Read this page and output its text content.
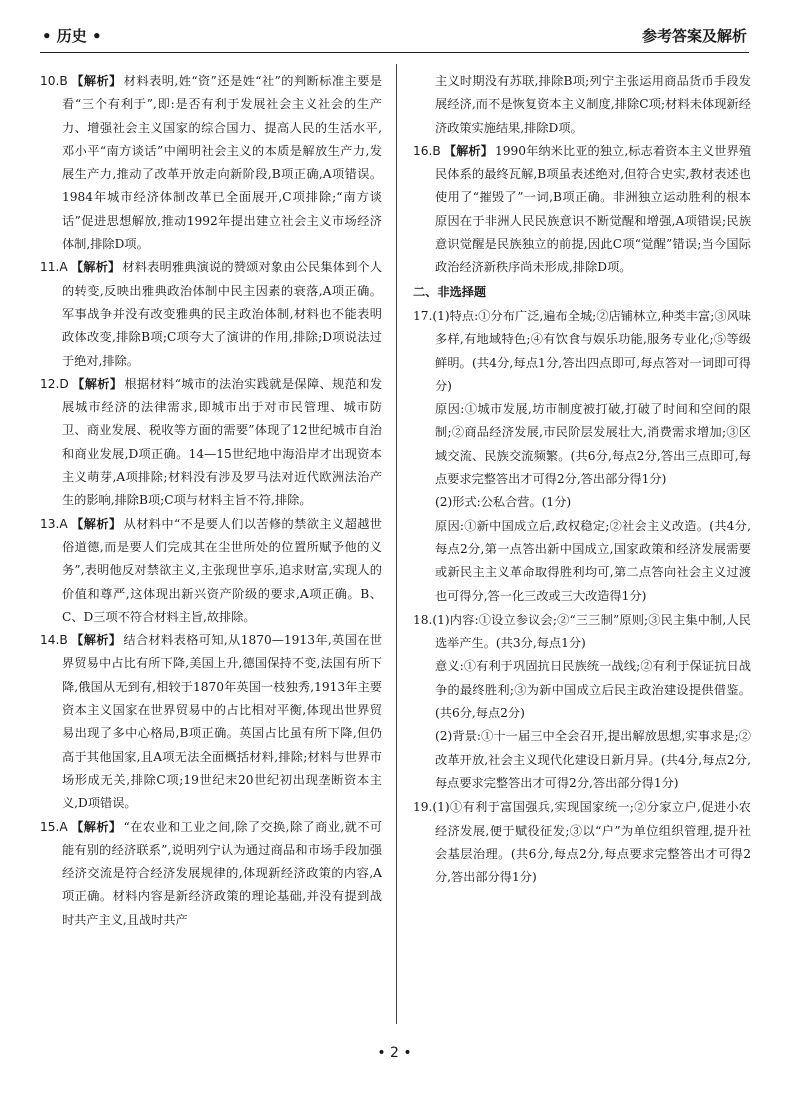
• 历史 •	参考答案及解析
10.B 【解析】 材料表明,姓“资”还是姓“社”的判断标准主要是看“三个有利于”,即:是否有利于发展社会主义社会的生产力、增强社会主义国家的综合国力、提高人民的生活水平,邓小平“南方谈话”中阐明社会主义的本质是解放生产力,发展生产力,推动了改革开放走向新阶段,B项正确,A项错误。1984年城市经济体制改革已全面展开,C项排除;“南方谈话”促进思想解放,推动1992年提出建立社会主义市场经济体制,排除D项。
11.A 【解析】 材料表明雅典演说的赞颂对象由公民集体到个人的转变,反映出雅典政治体制中民主因素的衰落,A项正确。军事战争并没有改变雅典的民主政治体制,材料也不能表明政体改变,排除B项;C项夸大了演讲的作用,排除;D项说法过于绝对,排除。
12.D 【解析】 根据材料“城市的法治实践就是保障、规范和发展城市经济的法律需求,即城市出于对市民管理、城市防卫、商业发展、税收等方面的需要”体现了12世纪城市自治和商业发展,D项正确。14—15世纪地中海沿岸才出现资本主义萌芽,A项排除;材料没有涉及罗马法对近代欧洲法治产生的影响,排除B项;C项与材料主旨不符,排除。
13.A 【解析】 从材料中“不是要人们以苦修的禁欲主义超越世俗道德,而是要人们完成其在尘世所处的位置所赋予他的义务”,表明他反对禁欲主义,主张现世享乐,追求财富,实现人的价值和尊严,这体现出新兴资产阶级的要求,A项正确。B、C、D三项不符合材料主旨,故排除。
14.B 【解析】 结合材料表格可知,从1870—1913年,英国在世界贸易中占比有所下降,美国上升,德国保持不变,法国有所下降,俄国从无到有,相较于1870年英国一枝独秀,1913年主要资本主义国家在世界贸易中的占比相对平衡,体现出世界贸易出现了多中心格局,B项正确。英国占比虽有所下降,但仍高于其他国家,且A项无法全面概括材料,排除;材料与世界市场形成无关,排除C项;19世纪末20世纪初出现垄断资本主义,D项错误。
15.A 【解析】 “在农业和工业之间,除了交换,除了商业,就不可能有别的经济联系”,说明列宁认为通过商品和市场手段加强经济交流是符合经济发展规律的,体现新经济政策的内容,A项正确。材料内容是新经济政策的理论基础,并没有提到战时共产主义,且战时共产

主义时期没有苏联,排除B项;列宁主张运用商品货币手段发展经济,而不是恢复资本主义制度,排除C项;材料未体现新经济政策实施结果,排除D项。

16.B 【解析】 1990年纳米比亚的独立,标志着资本主义世界殖民体系的最终瓦解,B项虽表述绝对,但符合史实,教材表述也使用了“摧毁了”一词,B项正确。非洲独立运动胜利的根本原因在于非洲人民民族意识不断觉醒和增强,A项错误;民族意识觉醒是民族独立的前提,因此C项“觉醒”错误;当今国际政治经济新秩序尚未形成,排除D项。
二、非选择题

17.(1)特点:①分布广泛,遍布全城;②店铺林立,种类丰富;③风味多样,有地域特色;④有饮食与娱乐功能,服务专业化;⑤等级鲜明。(共4分,每点1分,答出四点即可,每点答对一词即可得分)

原因:①城市发展,坊市制度被打破,打破了时间和空间的限制;②商品经济发展,市民阶层发展壮大,消费需求增加;③区域交流、民族交流频繁。(共6分,每点2分,答出三点即可,每点要求完整答出才可得2分,答出部分得1分)

(2)形式:公私合营。(1分)

原因:①新中国成立后,政权稳定;②社会主义改造。(共4分,每点2分,第一点答出新中国成立,国家政策和经济发展需要或新民主主义革命取得胜利均可,第二点答向社会主义过渡也可得分,答一化三改或三大改造得1分)

18.(1)内容:①设立参议会;②“三三制”原则;③民主集中制,人民选举产生。(共3分,每点1分)

意义:①有利于巩固抗日民族统一战线;②有利于保证抗日战争的最终胜利;③为新中国成立后民主政治建设提供借鉴。(共6分,每点2分)

(2)背景:①十一届三中全会召开,提出解放思想,实事求是;②改革开放,社会主义现代化建设日新月异。(共4分,每点2分,每点要求完整答出才可得2分,答出部分得1分)

19.(1)①有利于富国强兵,实现国家统一;②分家立户,促进小农经济发展,便于赋役征发;③以“户”为单位组织管理,提升社会基层治理。(共6分,每点2分,每点要求完整答出才可得2分,答出部分得1分)

• 2 •
